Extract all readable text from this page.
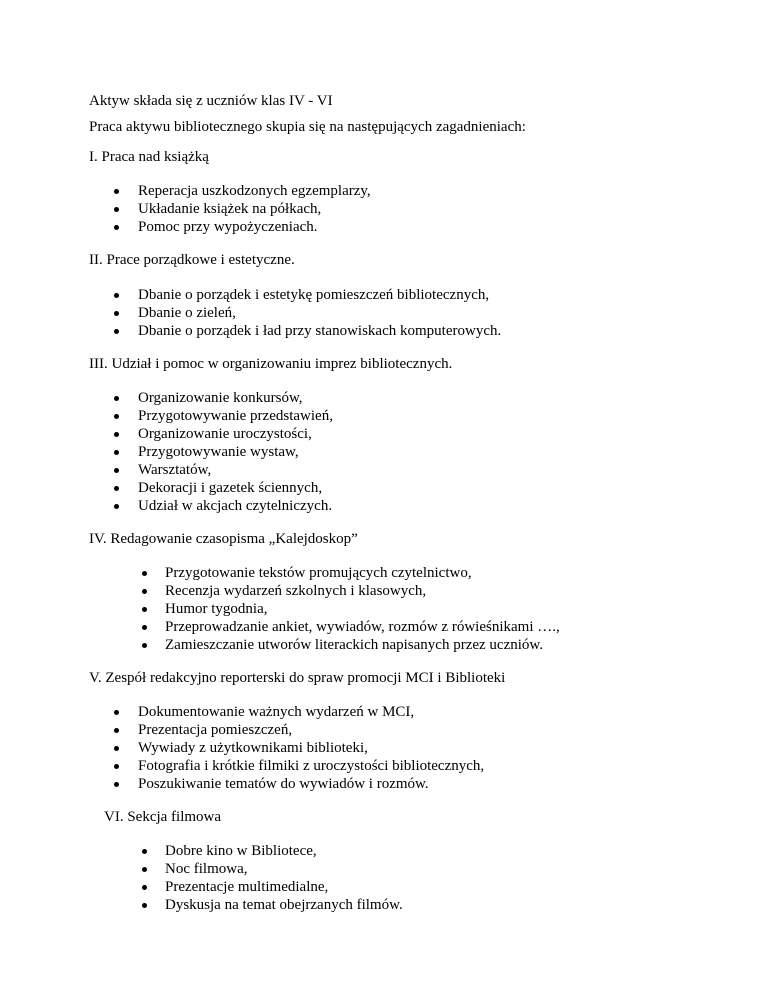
Aktyw składa się z uczniów klas IV - VI
Praca aktywu bibliotecznego skupia się na następujących zagadnieniach:
I. Praca nad książką
Reperacja uszkodzonych egzemplarzy,
Układanie książek na półkach,
Pomoc przy wypożyczeniach.
II. Prace porządkowe i estetyczne.
Dbanie o porządek i estetykę pomieszczeń bibliotecznych,
Dbanie o zieleń,
Dbanie o porządek i ład przy stanowiskach komputerowych.
III. Udział i pomoc w organizowaniu imprez bibliotecznych.
Organizowanie konkursów,
Przygotowywanie przedstawień,
Organizowanie uroczystości,
Przygotowywanie wystaw,
Warsztatów,
Dekoracji i gazetek ściennych,
Udział w akcjach czytelniczych.
IV. Redagowanie czasopisma „Kalejdoskop”
Przygotowanie tekstów promujących czytelnictwo,
Recenzja wydarzeń szkolnych i klasowych,
Humor tygodnia,
Przeprowadzanie ankiet, wywiadów, rozmów z rówieśnikami ….,
Zamieszczanie utworów literackich napisanych przez uczniów.
V. Zespół redakcyjno reporterski do spraw promocji MCI i Biblioteki
Dokumentowanie ważnych wydarzeń w MCI,
Prezentacja pomieszczeń,
Wywiady z użytkownikami biblioteki,
Fotografia i krótkie filmiki z uroczystości bibliotecznych,
Poszukiwanie tematów do wywiadów i rozmów.
VI. Sekcja filmowa
Dobre kino w Bibliotece,
Noc filmowa,
Prezentacje multimedialne,
Dyskusja na temat obejrzanych filmów.
